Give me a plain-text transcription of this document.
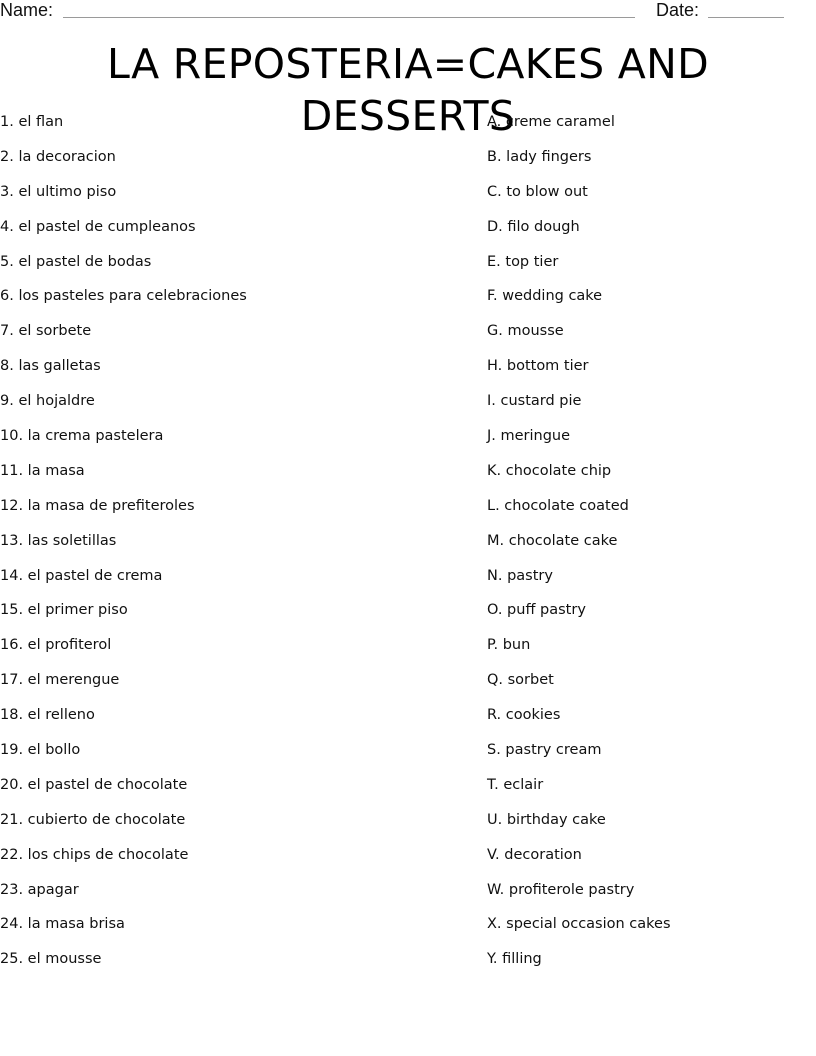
Name:	Date:
LA REPOSTERIA=CAKES AND DESSERTS
1. el flan
2. la decoracion
3. el ultimo piso
4. el pastel de cumpleanos
5. el pastel de bodas
6. los pasteles para celebraciones
7. el sorbete
8. las galletas
9. el hojaldre
10. la crema pastelera
11. la masa
12. la masa de prefiteroles
13. las soletillas
14. el pastel de crema
15. el primer piso
16. el profiterol
17. el merengue
18. el relleno
19. el bollo
20. el pastel de chocolate
21. cubierto de chocolate
22. los chips de chocolate
23. apagar
24. la masa brisa
25. el mousse
A. creme caramel
B. lady fingers
C. to blow out
D. filo dough
E. top tier
F. wedding cake
G. mousse
H. bottom tier
I. custard pie
J. meringue
K. chocolate chip
L. chocolate coated
M. chocolate cake
N. pastry
O. puff pastry
P. bun
Q. sorbet
R. cookies
S. pastry cream
T. eclair
U. birthday cake
V. decoration
W. profiterole pastry
X. special occasion cakes
Y. filling
